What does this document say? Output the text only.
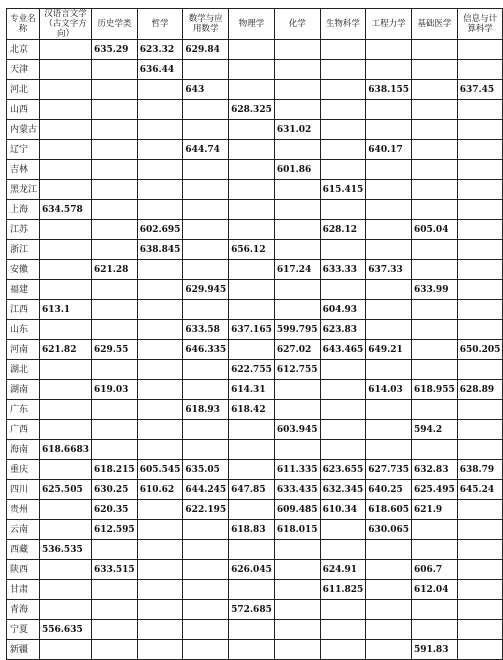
专业名称	汉语言文学（古文字方向）	历史学类	哲学	数学与应用数学	物理学	化学	生物科学	工程力学	基础医学	信息与计算科学
北京		635.29	623.32	629.84						
天津			636.44							
河北				643				638.155		637.45
山西					628.325					
内蒙古						631.02				
辽宁				644.74				640.17		
吉林						601.86				
黑龙江							615.415			
上海	634.578									
江苏			602.695				628.12		605.04	
浙江			638.845		656.12					
安徽		621.28				617.24	633.33	637.33		
福建				629.945					633.99	
江西	613.1						604.93			
山东				633.58	637.165	599.795	623.83			
河南	621.82	629.55		646.335		627.02	643.465	649.21		650.205
湖北					622.755	612.755				
湖南		619.03			614.31			614.03	618.955	628.89
广东				618.93	618.42					
广西						603.945			594.2	
海南	618.6683									
重庆		618.215	605.545	635.05		611.335	623.655	627.735	632.83	638.79
四川	625.505	630.25	610.62	644.245	647.85	633.435	632.345	640.25	625.495	645.24
贵州		620.35		622.195		609.485	610.34	618.605	621.9	
云南		612.595			618.83	618.015		630.065		
西藏	536.535									
陕西		633.515			626.045		624.91		606.7	
甘肃							611.825		612.04	
青海					572.685					
宁夏	556.635									
新疆									591.83	
